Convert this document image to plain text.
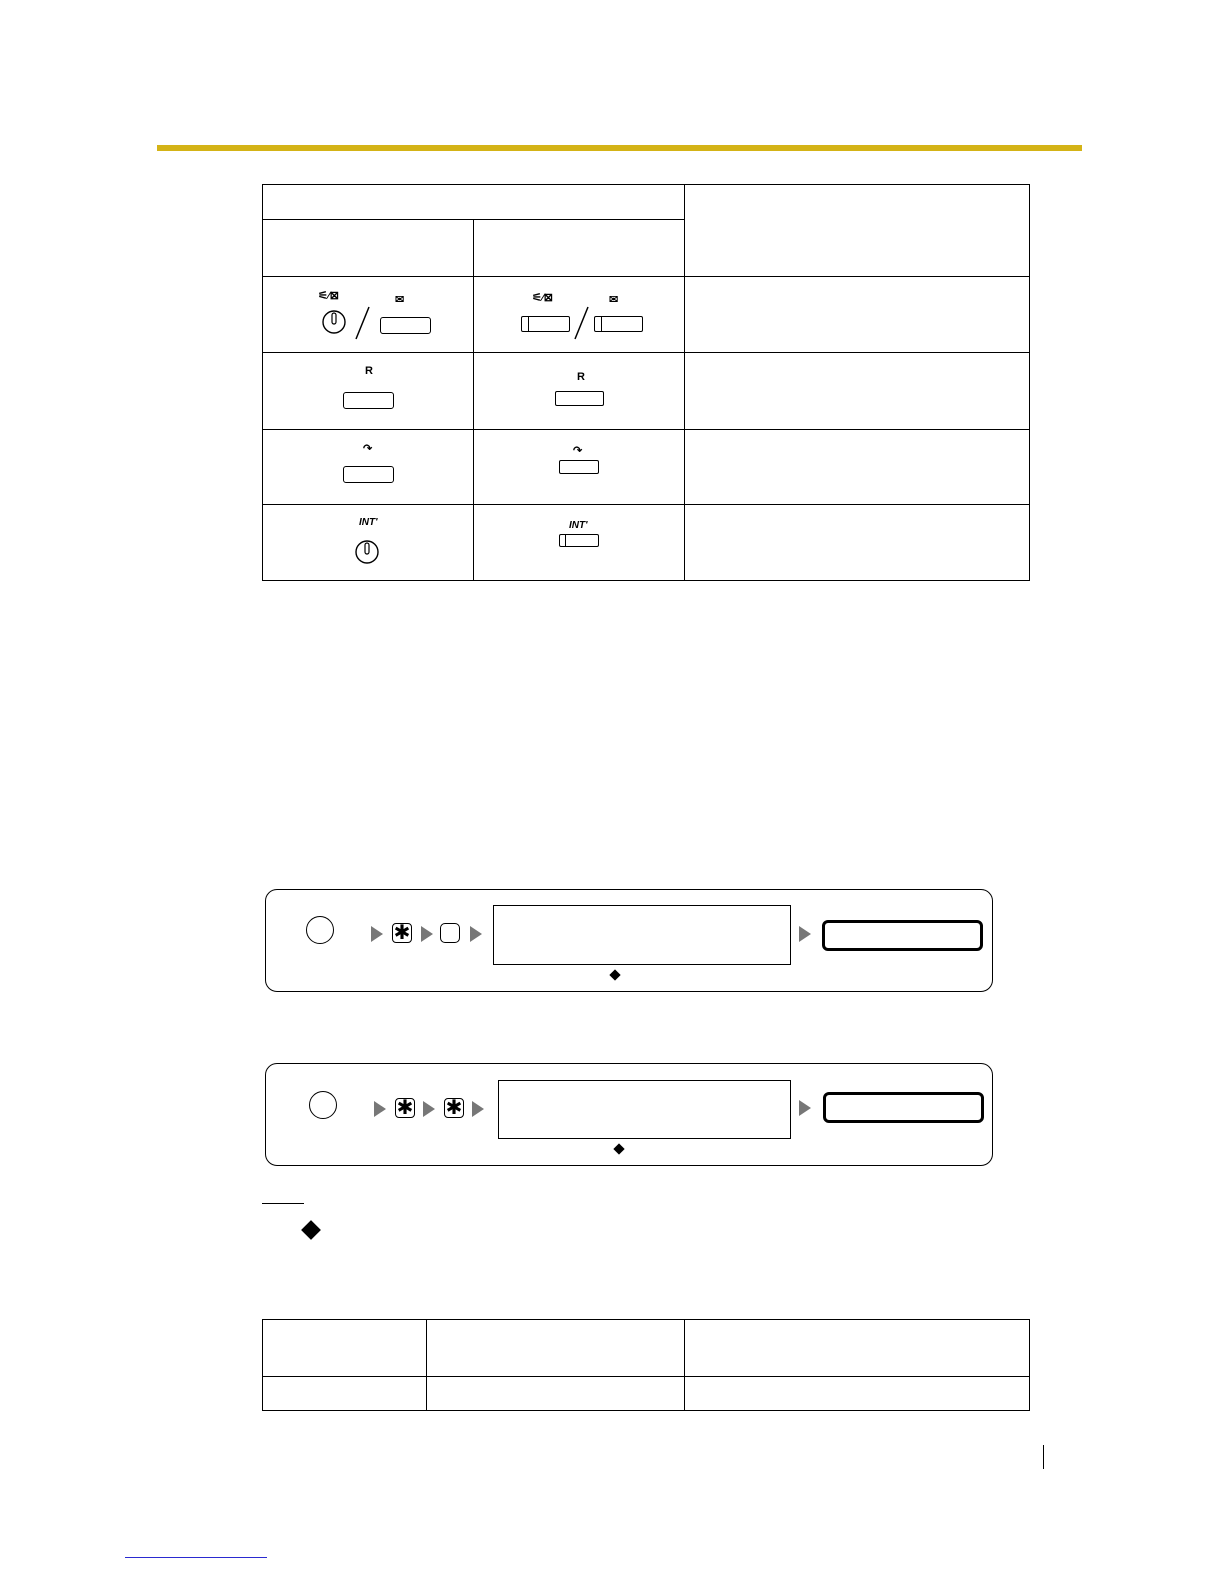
⚟⁄⊠ ✉	⚟⁄⊠ ✉	

R	R	

↷	↷	

INT'	INT'	

✱
✱ ✱
